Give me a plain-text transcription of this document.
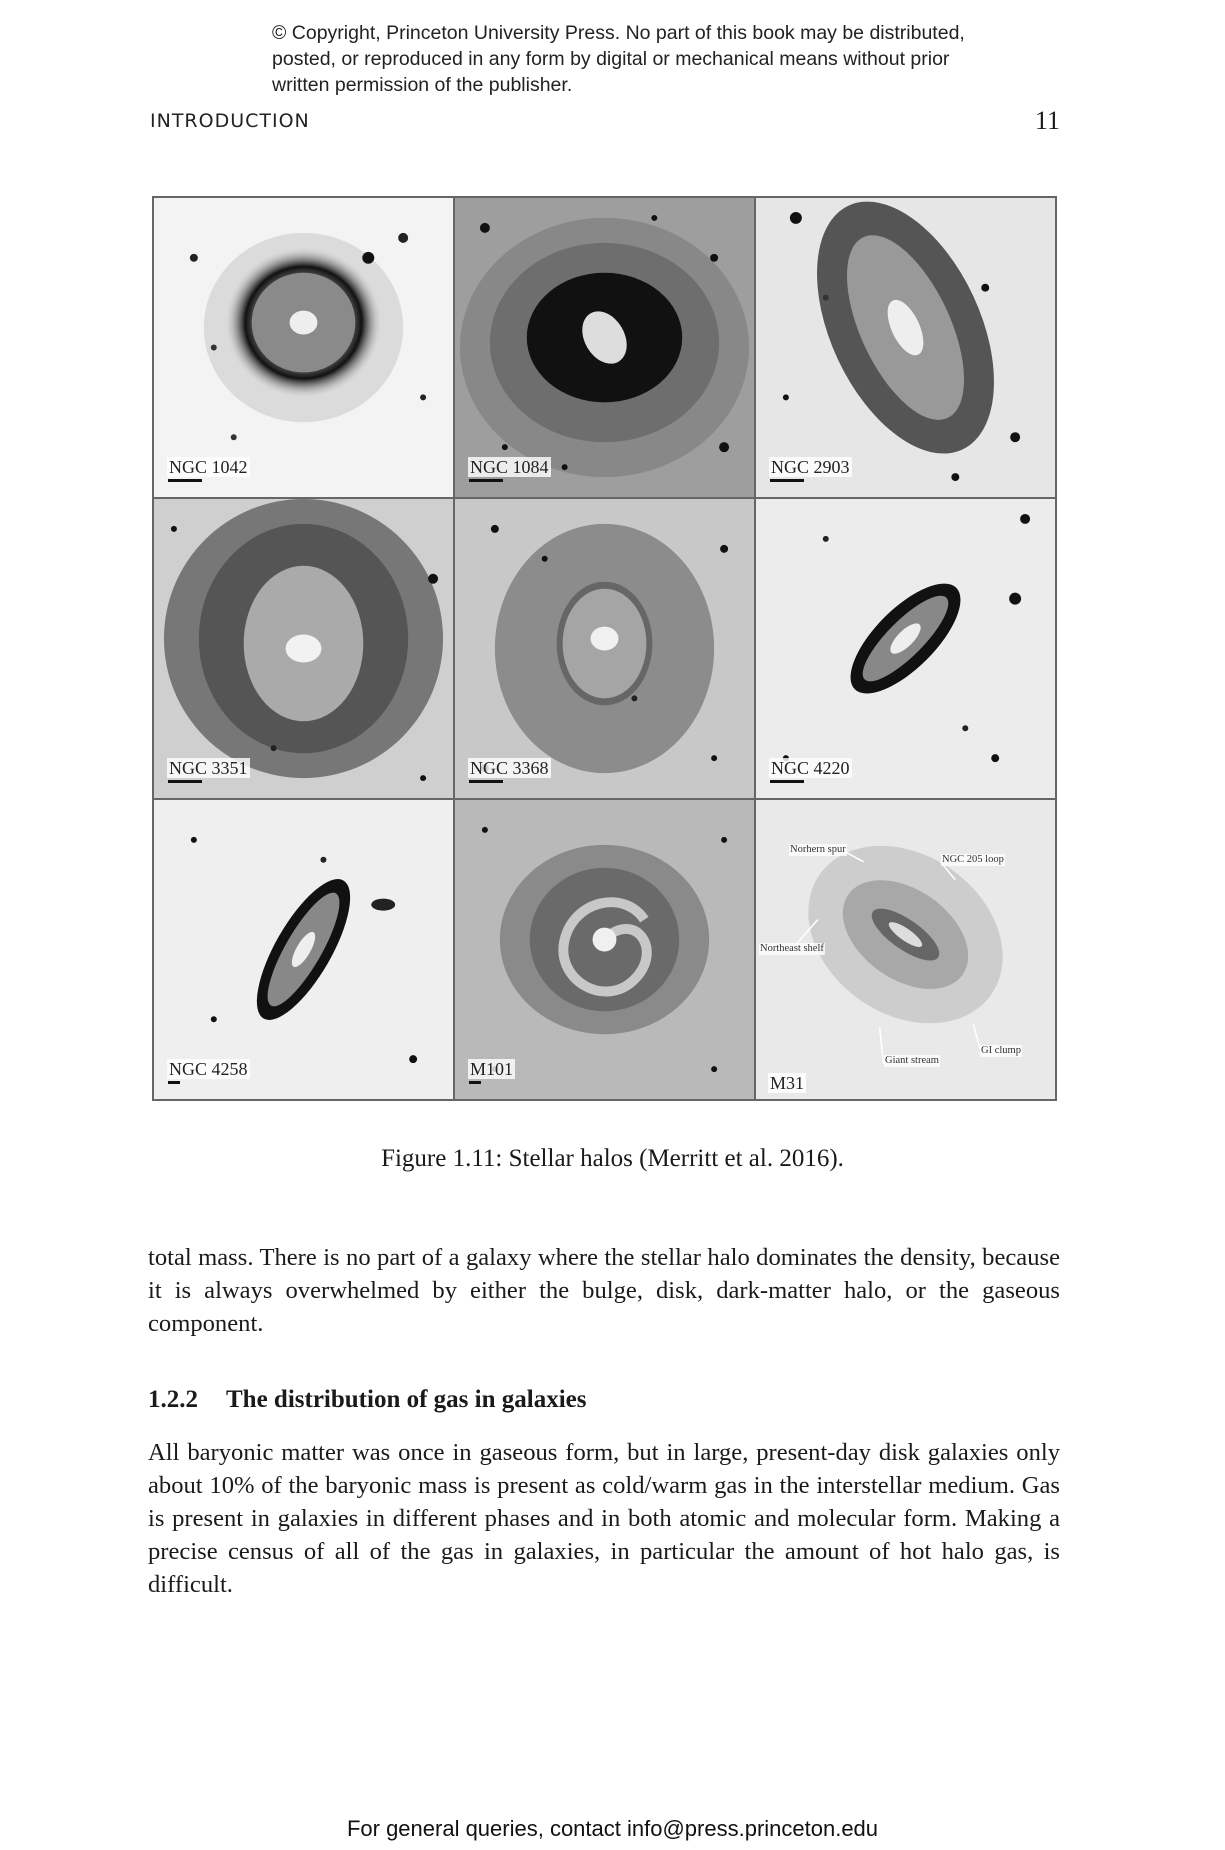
© Copyright, Princeton University Press. No part of this book may be distributed, posted, or reproduced in any form by digital or mechanical means without prior written permission of the publisher.
INTRODUCTION	11
NGC 1042	NGC 1084	NGC 2903
NGC 3351	NGC 3368	NGC 4220
NGC 4258	M101
Norhern spur
NGC 205 loop
Northeast shelf
Giant stream
GI clump
M31
Figure 1.11: Stellar halos (Merritt et al. 2016).

total mass. There is no part of a galaxy where the stellar halo dominates the density, because it is always overwhelmed by either the bulge, disk, dark-matter halo, or the gaseous component.

1.2.2 The distribution of gas in galaxies

All baryonic matter was once in gaseous form, but in large, present-day disk galaxies only about 10% of the baryonic mass is present as cold/warm gas in the interstellar medium. Gas is present in galaxies in different phases and in both atomic and molecular form. Making a precise census of all of the gas in galaxies, in particular the amount of hot halo gas, is difficult.

For general queries, contact info@press.princeton.edu
